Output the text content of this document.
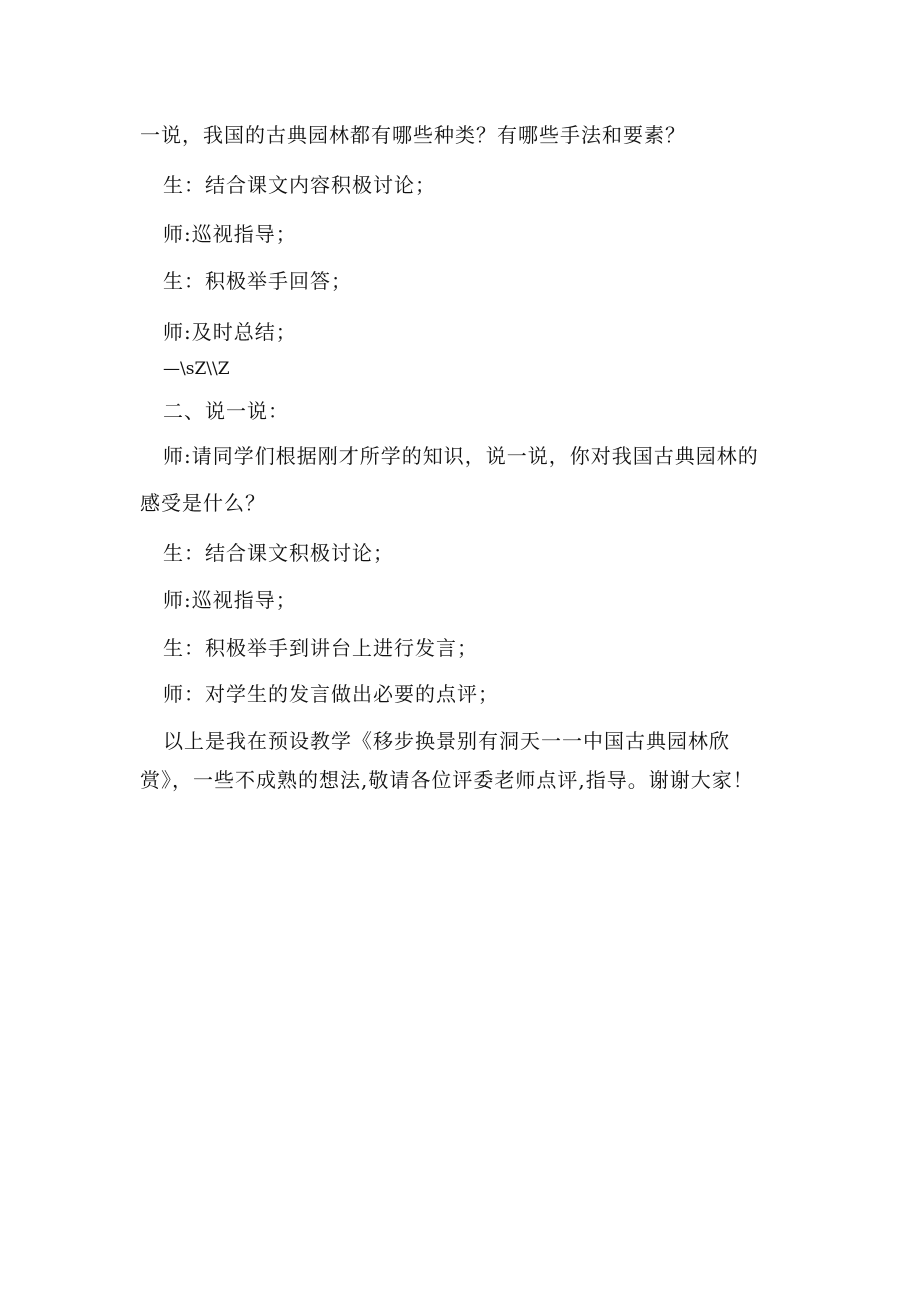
一说，我国的古典园林都有哪些种类？有哪些手法和要素？
生：结合课文内容积极讨论；
师:巡视指导；
生：积极举手回答；
师:及时总结；
—\sZ\\Z
二、说一说：
师:请同学们根据刚才所学的知识，说一说，你对我国古典园林的
感受是什么？
生：结合课文积极讨论；
师:巡视指导；
生：积极举手到讲台上进行发言；
师：对学生的发言做出必要的点评；
以上是我在预设教学《移步换景别有洞天一一中国古典园林欣
赏》，一些不成熟的想法,敬请各位评委老师点评,指导。谢谢大家！
